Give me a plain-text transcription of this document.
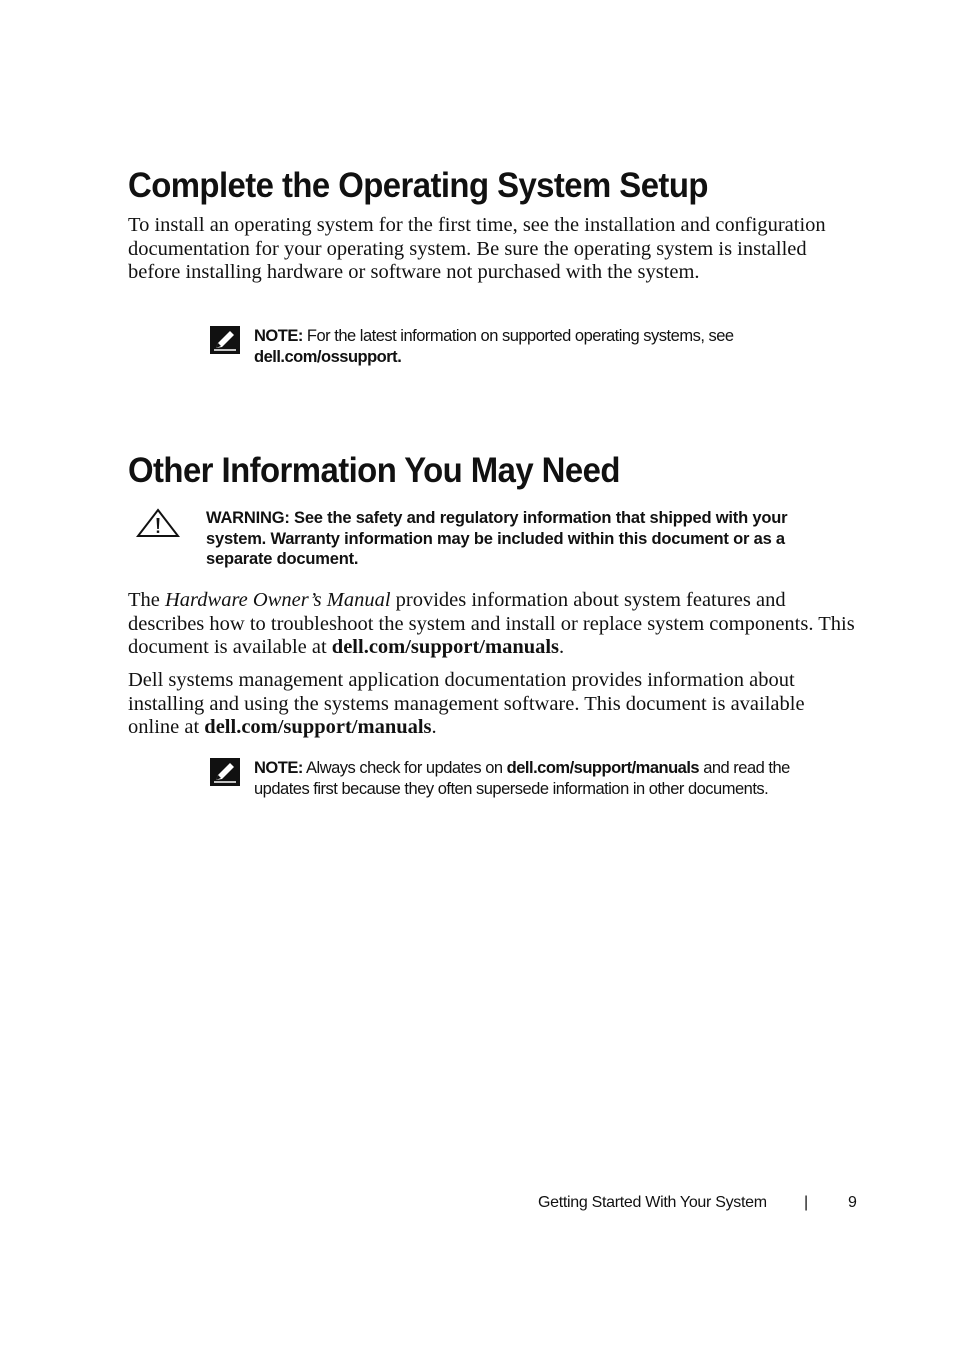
Complete the Operating System Setup

To install an operating system for the first time, see the installation and configuration documentation for your operating system. Be sure the operating system is installed before installing hardware or software not purchased with the system.

NOTE: For the latest information on supported operating systems, see
dell.com/ossupport.

Other Information You May Need

WARNING: See the safety and regulatory information that shipped with your system. Warranty information may be included within this document or as a separate document.

The Hardware Owner’s Manual provides information about system features and describes how to troubleshoot the system and install or replace system components. This document is available at dell.com/support/manuals.

Dell systems management application documentation provides information about installing and using the systems management software. This document is available online at dell.com/support/manuals.

NOTE: Always check for updates on dell.com/support/manuals and read the updates first because they often supersede information in other documents.

Getting Started With Your System | 9
